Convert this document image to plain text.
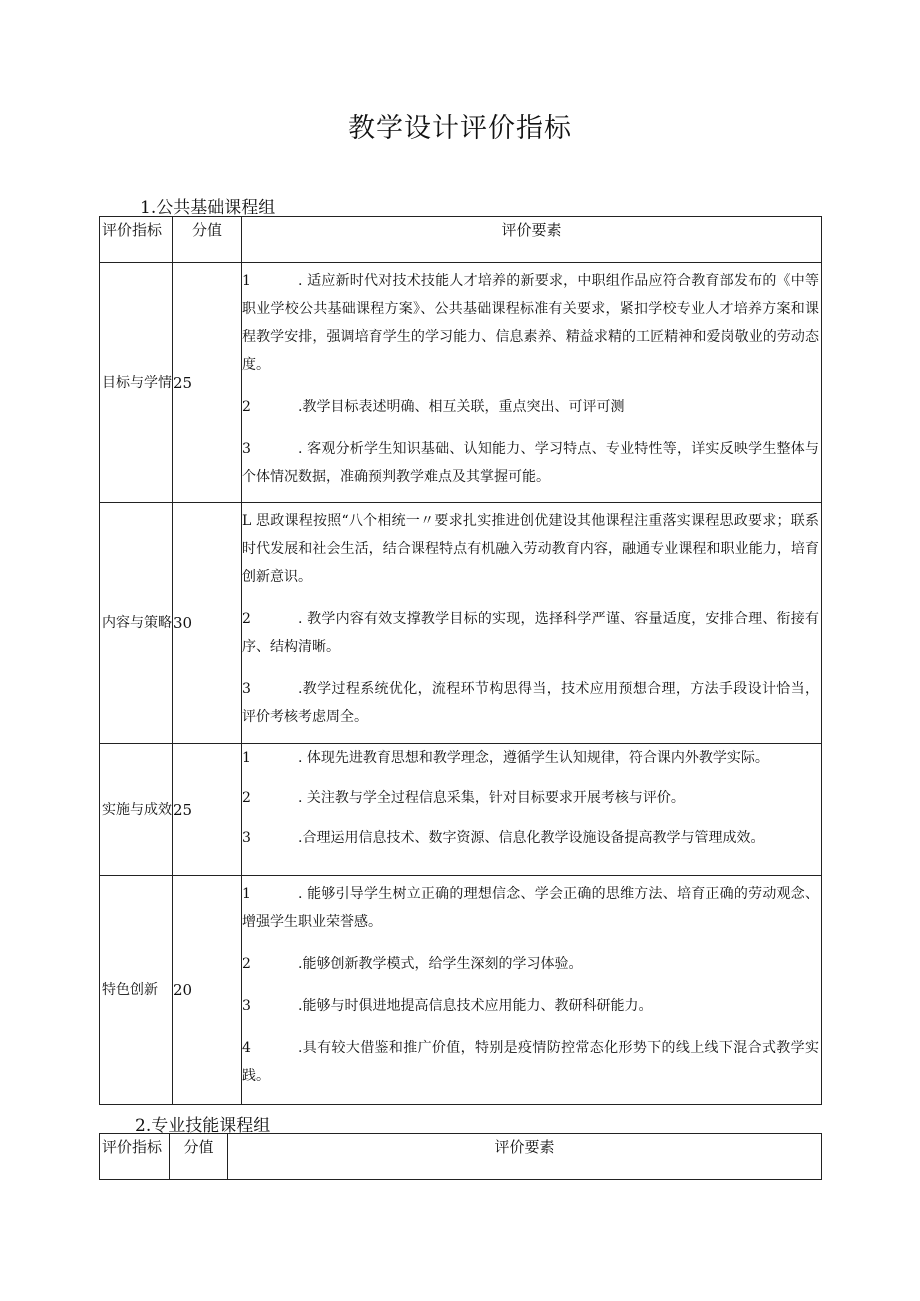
教学设计评价指标
1.公共基础课程组
评价指标	分值	评价要素
目标与学情	25	1 . 适应新时代对技术技能人才培养的新要求，中职组作品应符合教育部发布的《中等职业学校公共基础课程方案》、公共基础课程标准有关要求，紧扣学校专业人才培养方案和课程教学安排，强调培育学生的学习能力、信息素养、精益求精的工匠精神和爱岗敬业的劳动态度。
2 .教学目标表述明确、相互关联，重点突出、可评可测
3 . 客观分析学生知识基础、认知能力、学习特点、专业特性等，详实反映学生整体与个体情况数据，准确预判教学难点及其掌握可能。

内容与策略	30	L 思政课程按照“八个相统一〃要求扎实推进创优建设其他课程注重落实课程思政要求；联系时代发展和社会生活，结合课程特点有机融入劳动教育内容，融通专业课程和职业能力，培育创新意识。
2 . 教学内容有效支撑教学目标的实现，选择科学严谨、容量适度，安排合理、衔接有序、结构清晰。
3 .教学过程系统优化，流程环节构思得当，技术应用预想合理，方法手段设计恰当，评价考核考虑周全。

实施与成效	25	1 . 体现先进教育思想和教学理念，遵循学生认知规律，符合课内外教学实际。
2 . 关注教与学全过程信息采集，针对目标要求开展考核与评价。
3 .合理运用信息技术、数字资源、信息化教学设施设备提高教学与管理成效。

特色创新	20	1 . 能够引导学生树立正确的理想信念、学会正确的思维方法、培育正确的劳动观念、增强学生职业荣誉感。
2 .能够创新教学模式，给学生深刻的学习体验。
3 .能够与时俱进地提高信息技术应用能力、教研科研能力。
4 .具有较大借鉴和推广价值，特别是疫情防控常态化形势下的线上线下混合式教学实践。
2.专业技能课程组
评价指标	分值	评价要素
